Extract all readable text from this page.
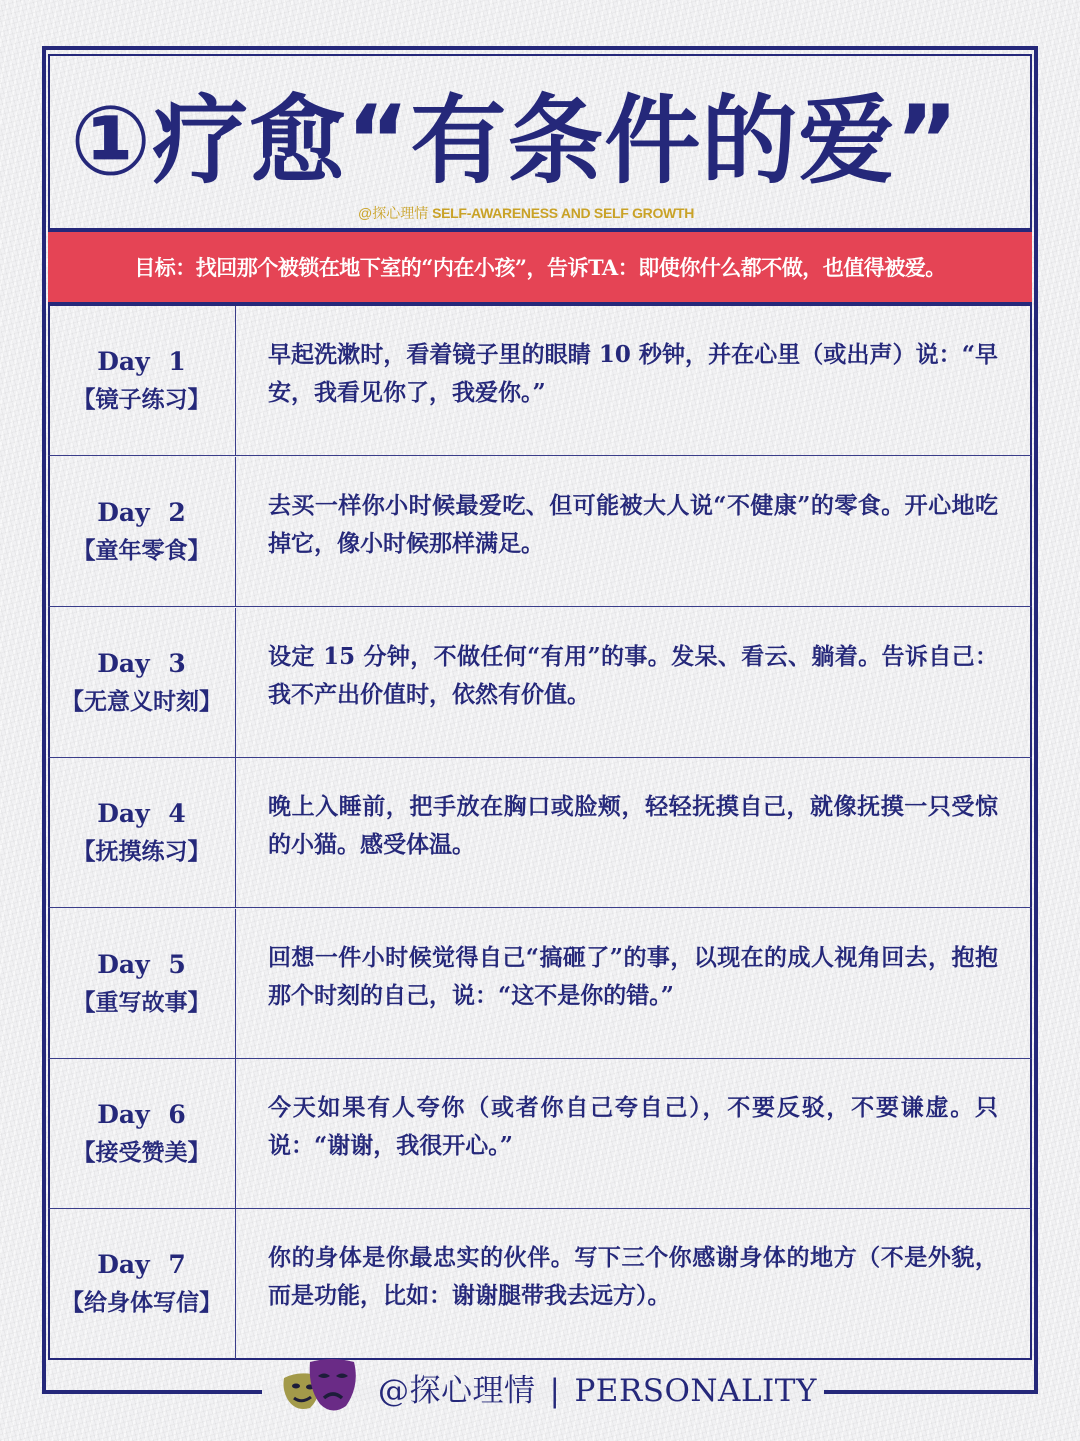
①疗愈“有条件的爱”
@探心理情 SELF-AWARENESS AND SELF GROWTH
目标：找回那个被锁在地下室的“内在小孩”，告诉TA：即使你什么都不做，也值得被爱。
Day 1
【镜子练习】
早起洗漱时，看着镜子里的眼睛 10 秒钟，并在心里（或出声）说：“早安，我看见你了，我爱你。”
Day 2
【童年零食】
去买一样你小时候最爱吃、但可能被大人说“不健康”的零食。开心地吃掉它，像小时候那样满足。
Day 3
【无意义时刻】
设定 15 分钟，不做任何“有用”的事。发呆、看云、躺着。告诉自己：我不产出价值时，依然有价值。
Day 4
【抚摸练习】
晚上入睡前，把手放在胸口或脸颊，轻轻抚摸自己，就像抚摸一只受惊的小猫。感受体温。
Day 5
【重写故事】
回想一件小时候觉得自己“搞砸了”的事，以现在的成人视角回去，抱抱那个时刻的自己，说：“这不是你的错。”
Day 6
【接受赞美】
今天如果有人夸你（或者你自己夸自己），不要反驳，不要谦虚。只说：“谢谢，我很开心。”
Day 7
【给身体写信】
你的身体是你最忠实的伙伴。写下三个你感谢身体的地方（不是外貌，而是功能，比如：谢谢腿带我去远方）。
@探心理情 | PERSONALITY
